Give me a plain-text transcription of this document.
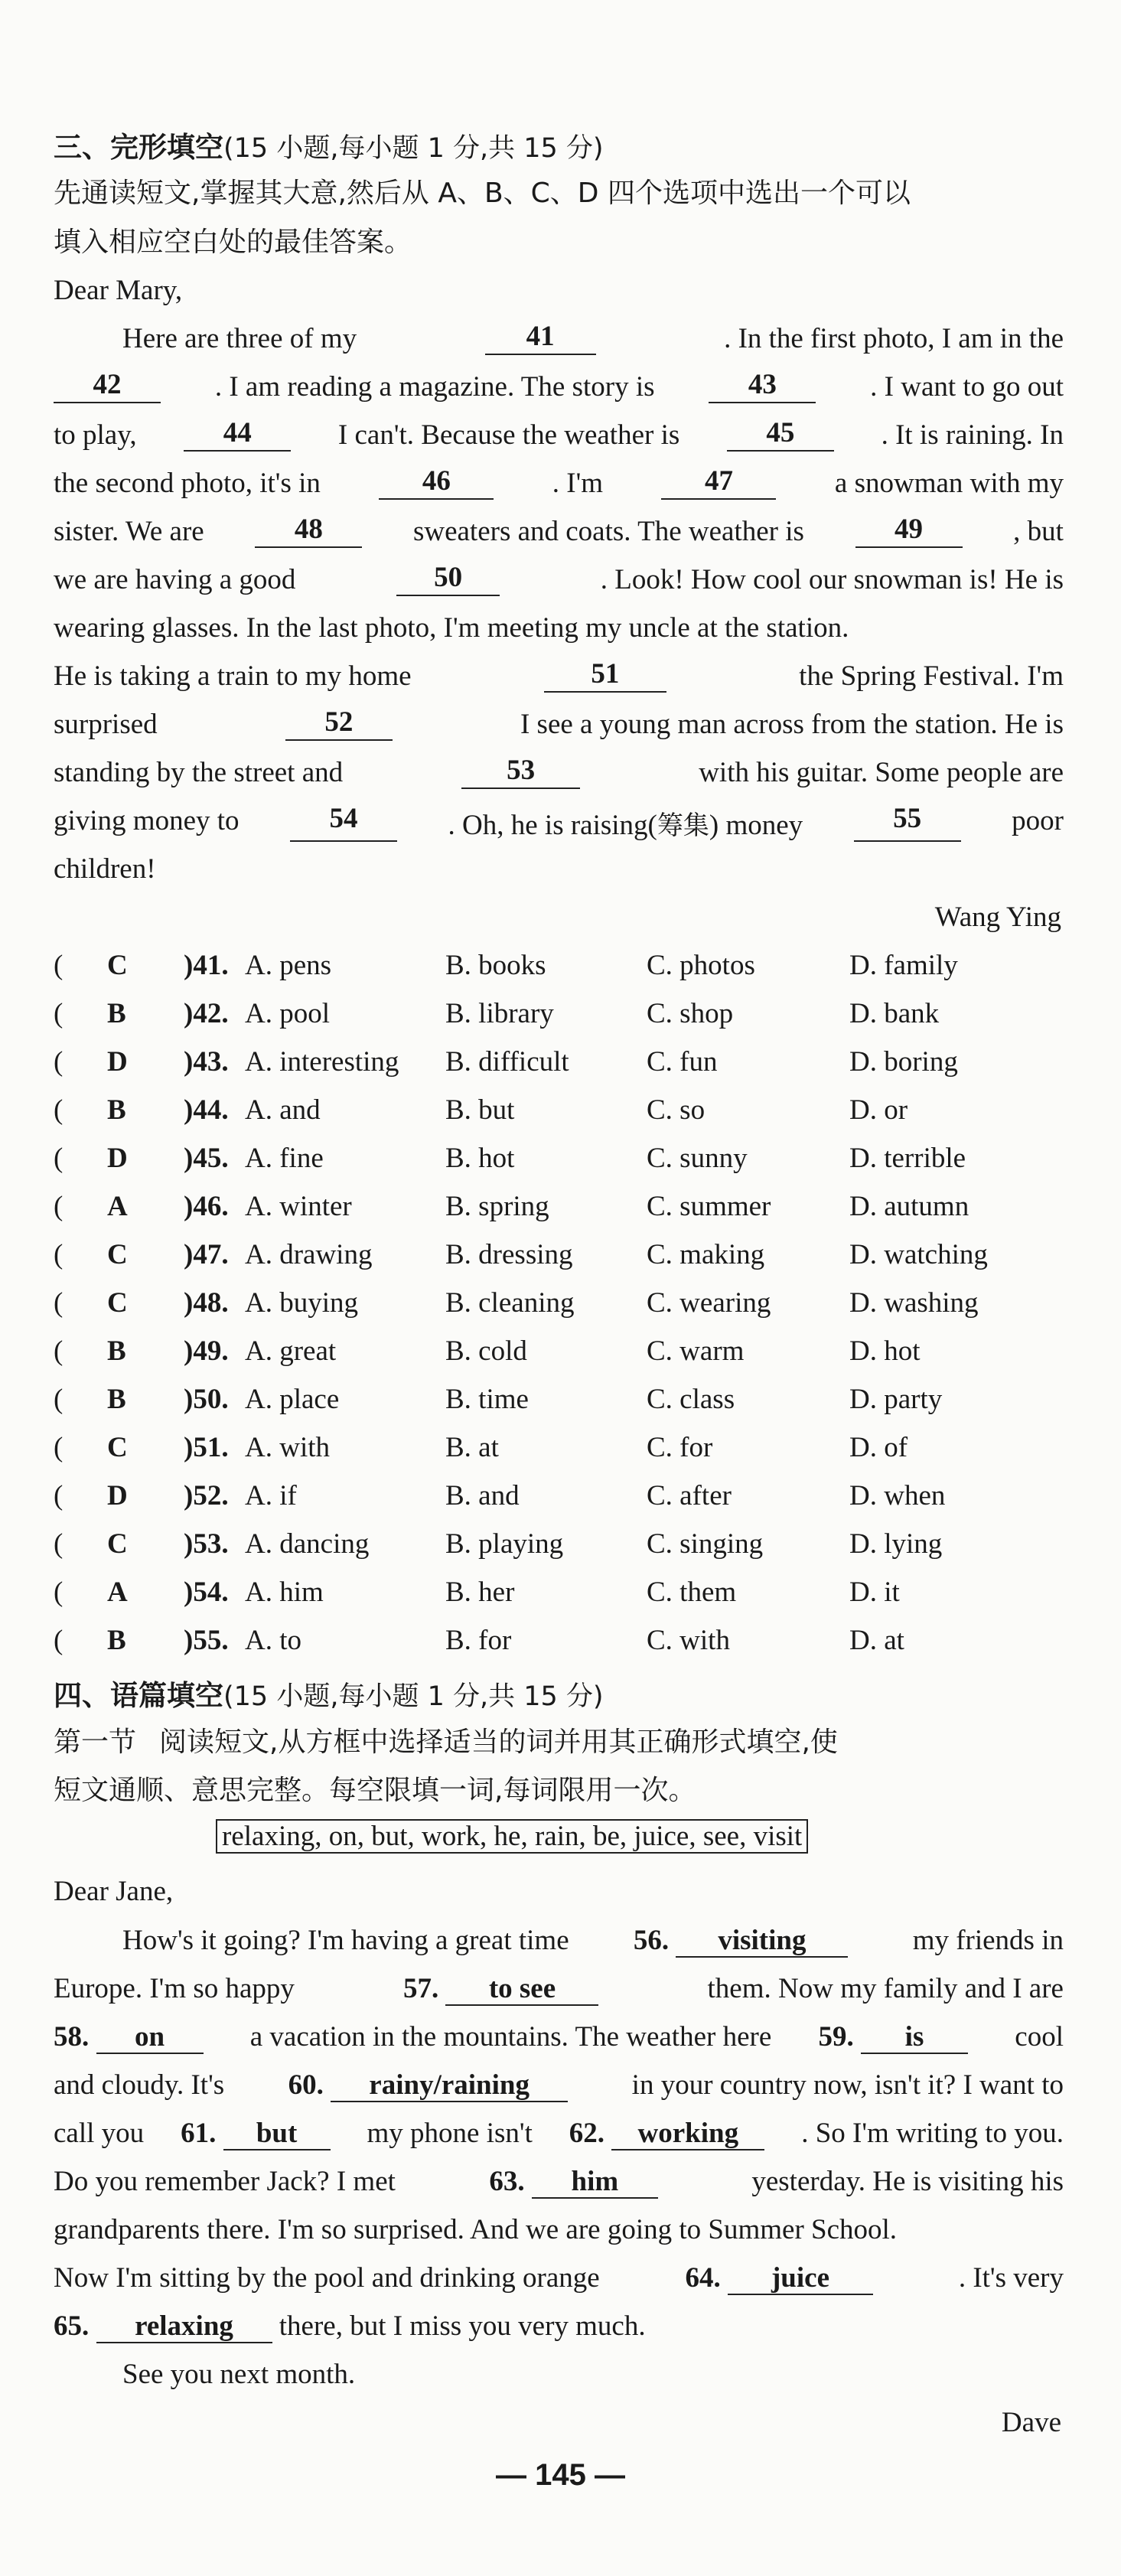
三、完形填空(15 小题,每小题 1 分,共 15 分)
先通读短文,掌握其大意,然后从 A、B、C、D 四个选项中选出一个可以
填入相应空白处的最佳答案。
Dear Mary,
Here are three of my	41	. In the first photo, I am in the
42	. I am reading a magazine. The story is	43	. I want to go out
to play,	44	I can't. Because the weather is	45	. It is raining. In
the second photo, it's in	46	. I'm	47	a snowman with my
sister. We are	48	sweaters and coats. The weather is	49	, but
we are having a good	50	. Look! How cool our snowman is! He is
wearing glasses. In the last photo, I'm meeting my uncle at the station.
He is taking a train to my home	51	the Spring Festival. I'm
surprised	52	I see a young man across from the station. He is
standing by the street and	53	with his guitar. Some people are
giving money to	54	. Oh, he is raising(筹集) money	55	poor
children!
Wang Ying
( C )41. A. pens	B. books	C. photos	D. family
( B )42. A. pool	B. library	C. shop	D. bank
( D )43. A. interesting B. difficult	C. fun	D. boring
( B )44. A. and	B. but	C. so	D. or
( D )45. A. fine	B. hot	C. sunny	D. terrible
( A )46. A. winter	B. spring	C. summer	D. autumn
( C )47. A. drawing	B. dressing	C. making	D. watching
( C )48. A. buying	B. cleaning	C. wearing	D. washing
( B )49. A. great	B. cold	C. warm	D. hot
( B )50. A. place	B. time	C. class	D. party
( C )51. A. with	B. at	C. for	D. of
( D )52. A. if	B. and	C. after	D. when
( C )53. A. dancing	B. playing	C. singing	D. lying
( A )54. A. him	B. her	C. them	D. it
( B )55. A. to	B. for	C. with	D. at
四、语篇填空(15 小题,每小题 1 分,共 15 分)
第一节 阅读短文,从方框中选择适当的词并用其正确形式填空,使
短文通顺、意思完整。每空限填一词,每词限用一次。
relaxing, on, but, work, he, rain, be, juice, see, visit
Dear Jane,
How's it going? I'm having a great time 56. visiting	my friends in
Europe. I'm so happy	57. to see	them. Now my family and I are
58. on	a vacation in the mountains. The weather here 59. is	cool
and cloudy. It's 60. rainy/raining	in your country now, isn't it? I want to
call you 61. but	my phone isn't 62. working	. So I'm writing to you.
Do you remember Jack? I met	63. him	yesterday. He is visiting his
grandparents there. I'm so surprised. And we are going to Summer School.
Now I'm sitting by the pool and drinking orange	64. juice	. It's very
65. relaxing there, but I miss you very much.
See you next month.
Dave
— 145 —
